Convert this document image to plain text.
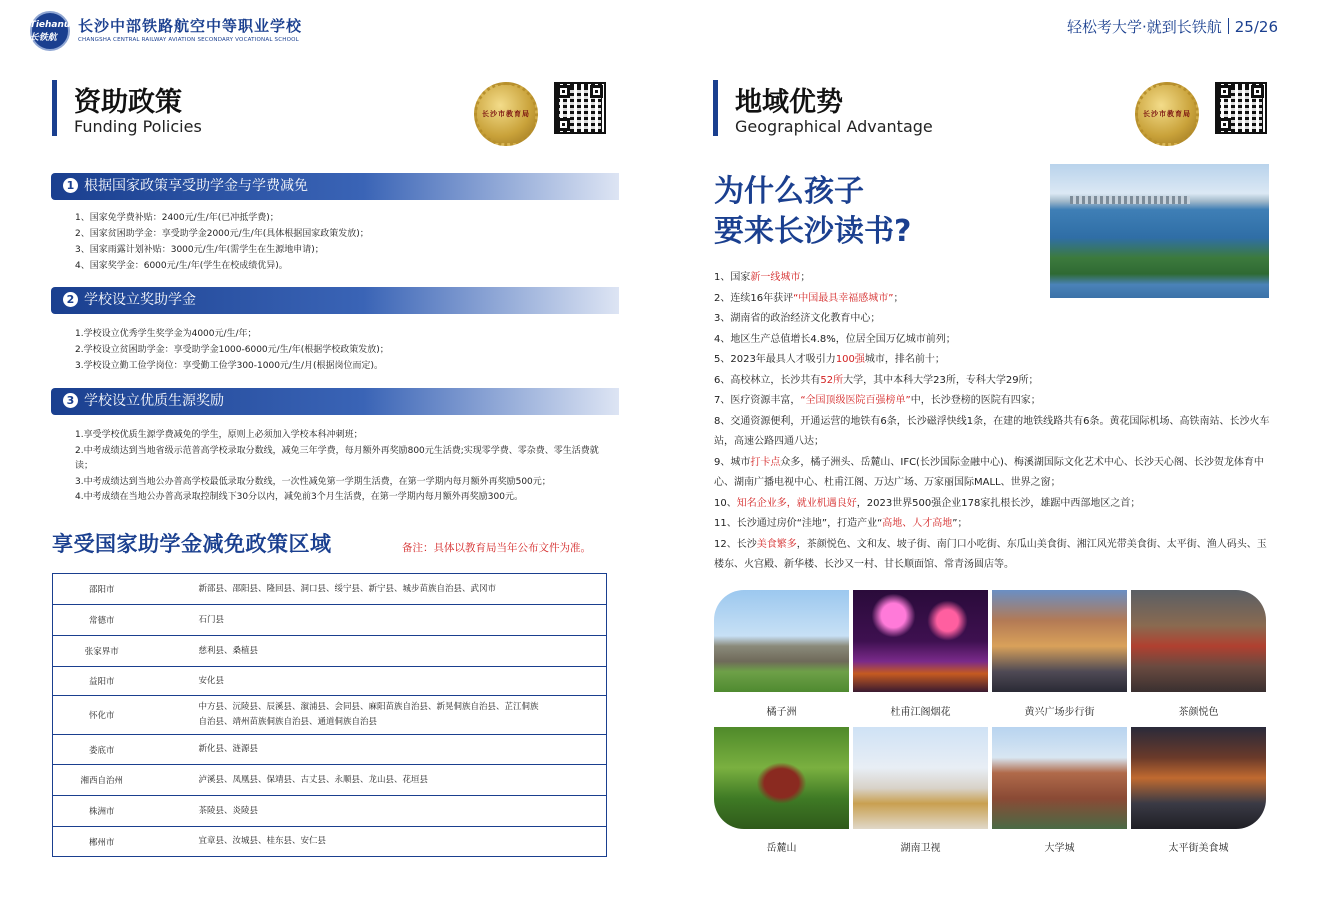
Tiehanu 长铁航
长沙中部铁路航空中等职业学校
CHANGSHA CENTRAL RAILWAY AVIATION SECONDARY VOCATIONAL SCHOOL
轻松考大学·就到长铁航 25/26
资助政策
Funding Policies
长沙市教育局
1 根据国家政策享受助学金与学费减免
1、国家免学费补贴：2400元/生/年(已冲抵学费)；
2、国家贫困助学金：享受助学金2000元/生/年(具体根据国家政策发放)；
3、国家雨露计划补贴：3000元/生/年(需学生在生源地申请)；
4、国家奖学金：6000元/生/年(学生在校成绩优异)。
2 学校设立奖助学金
1.学校设立优秀学生奖学金为4000元/生/年；
2.学校设立贫困助学金：享受助学金1000-6000元/生/年(根据学校政策发放)；
3.学校设立勤工俭学岗位：享受勤工俭学300-1000元/生/月(根据岗位而定)。
3 学校设立优质生源奖励
1.享受学校优质生源学费减免的学生，原则上必须加入学校本科冲刺班；
2.中考成绩达到当地省级示范普高学校录取分数线，减免三年学费，每月额外再奖励800元生活费;实现零学费、零杂费、零生活费就读；
3.中考成绩达到当地公办普高学校最低录取分数线，一次性减免第一学期生活费，在第一学期内每月额外再奖励500元；
4.中考成绩在当地公办普高录取控制线下30分以内，减免前3个月生活费，在第一学期内每月额外再奖励300元。
享受国家助学金减免政策区域	备注：具体以教育局当年公布文件为准。
邵阳市	新邵县、邵阳县、隆回县、洞口县、绥宁县、新宁县、城步苗族自治县、武冈市

常德市	石门县

张家界市	慈利县、桑植县

益阳市	安化县

怀化市	中方县、沅陵县、辰溪县、溆浦县、会同县、麻阳苗族自治县、新晃侗族自治县、芷江侗族
自治县、靖州苗族侗族自治县、通道侗族自治县

娄底市	新化县、涟源县

湘西自治州	泸溪县、凤凰县、保靖县、古丈县、永顺县、龙山县、花垣县

株洲市	茶陵县、炎陵县

郴州市	宜章县、汝城县、桂东县、安仁县
地域优势
Geographical Advantage
长沙市教育局
为什么孩子
要来长沙读书?
1、国家新一线城市；
2、连续16年获评“中国最具幸福感城市”；
3、湖南省的政治经济文化教育中心；
4、地区生产总值增长4.8%，位居全国万亿城市前列；
5、2023年最具人才吸引力100强城市，排名前十；
6、高校林立，长沙共有52所大学，其中本科大学23所，专科大学29所；
7、医疗资源丰富，“全国顶级医院百强榜单”中，长沙登榜的医院有四家；
8、交通资源便利，开通运营的地铁有6条，长沙磁浮快线1条，在建的地铁线路共有6条。黄花国际机场、高铁南站、长沙火车站，高速公路四通八达；
9、城市打卡点众多，橘子洲头、岳麓山、IFC(长沙国际金融中心)、梅溪湖国际文化艺术中心、长沙天心阁、长沙贺龙体育中心、湖南广播电视中心、杜甫江阁、万达广场、万家丽国际MALL、世界之窗；
10、知名企业多，就业机遇良好，2023世界500强企业178家扎根长沙，雄踞中西部地区之首；
11、长沙通过房价“洼地”，打造产业“高地、人才高地”；
12、长沙美食繁多，茶颜悦色、文和友、坡子街、南门口小吃街、东瓜山美食街、湘江风光带美食街、太平街、渔人码头、玉楼东、火宫殿、新华楼、长沙又一村、甘长顺面馆、常青汤圆店等。
橘子洲	杜甫江阁烟花	黄兴广场步行街	茶颜悦色
岳麓山	湖南卫视	大学城	太平街美食城
